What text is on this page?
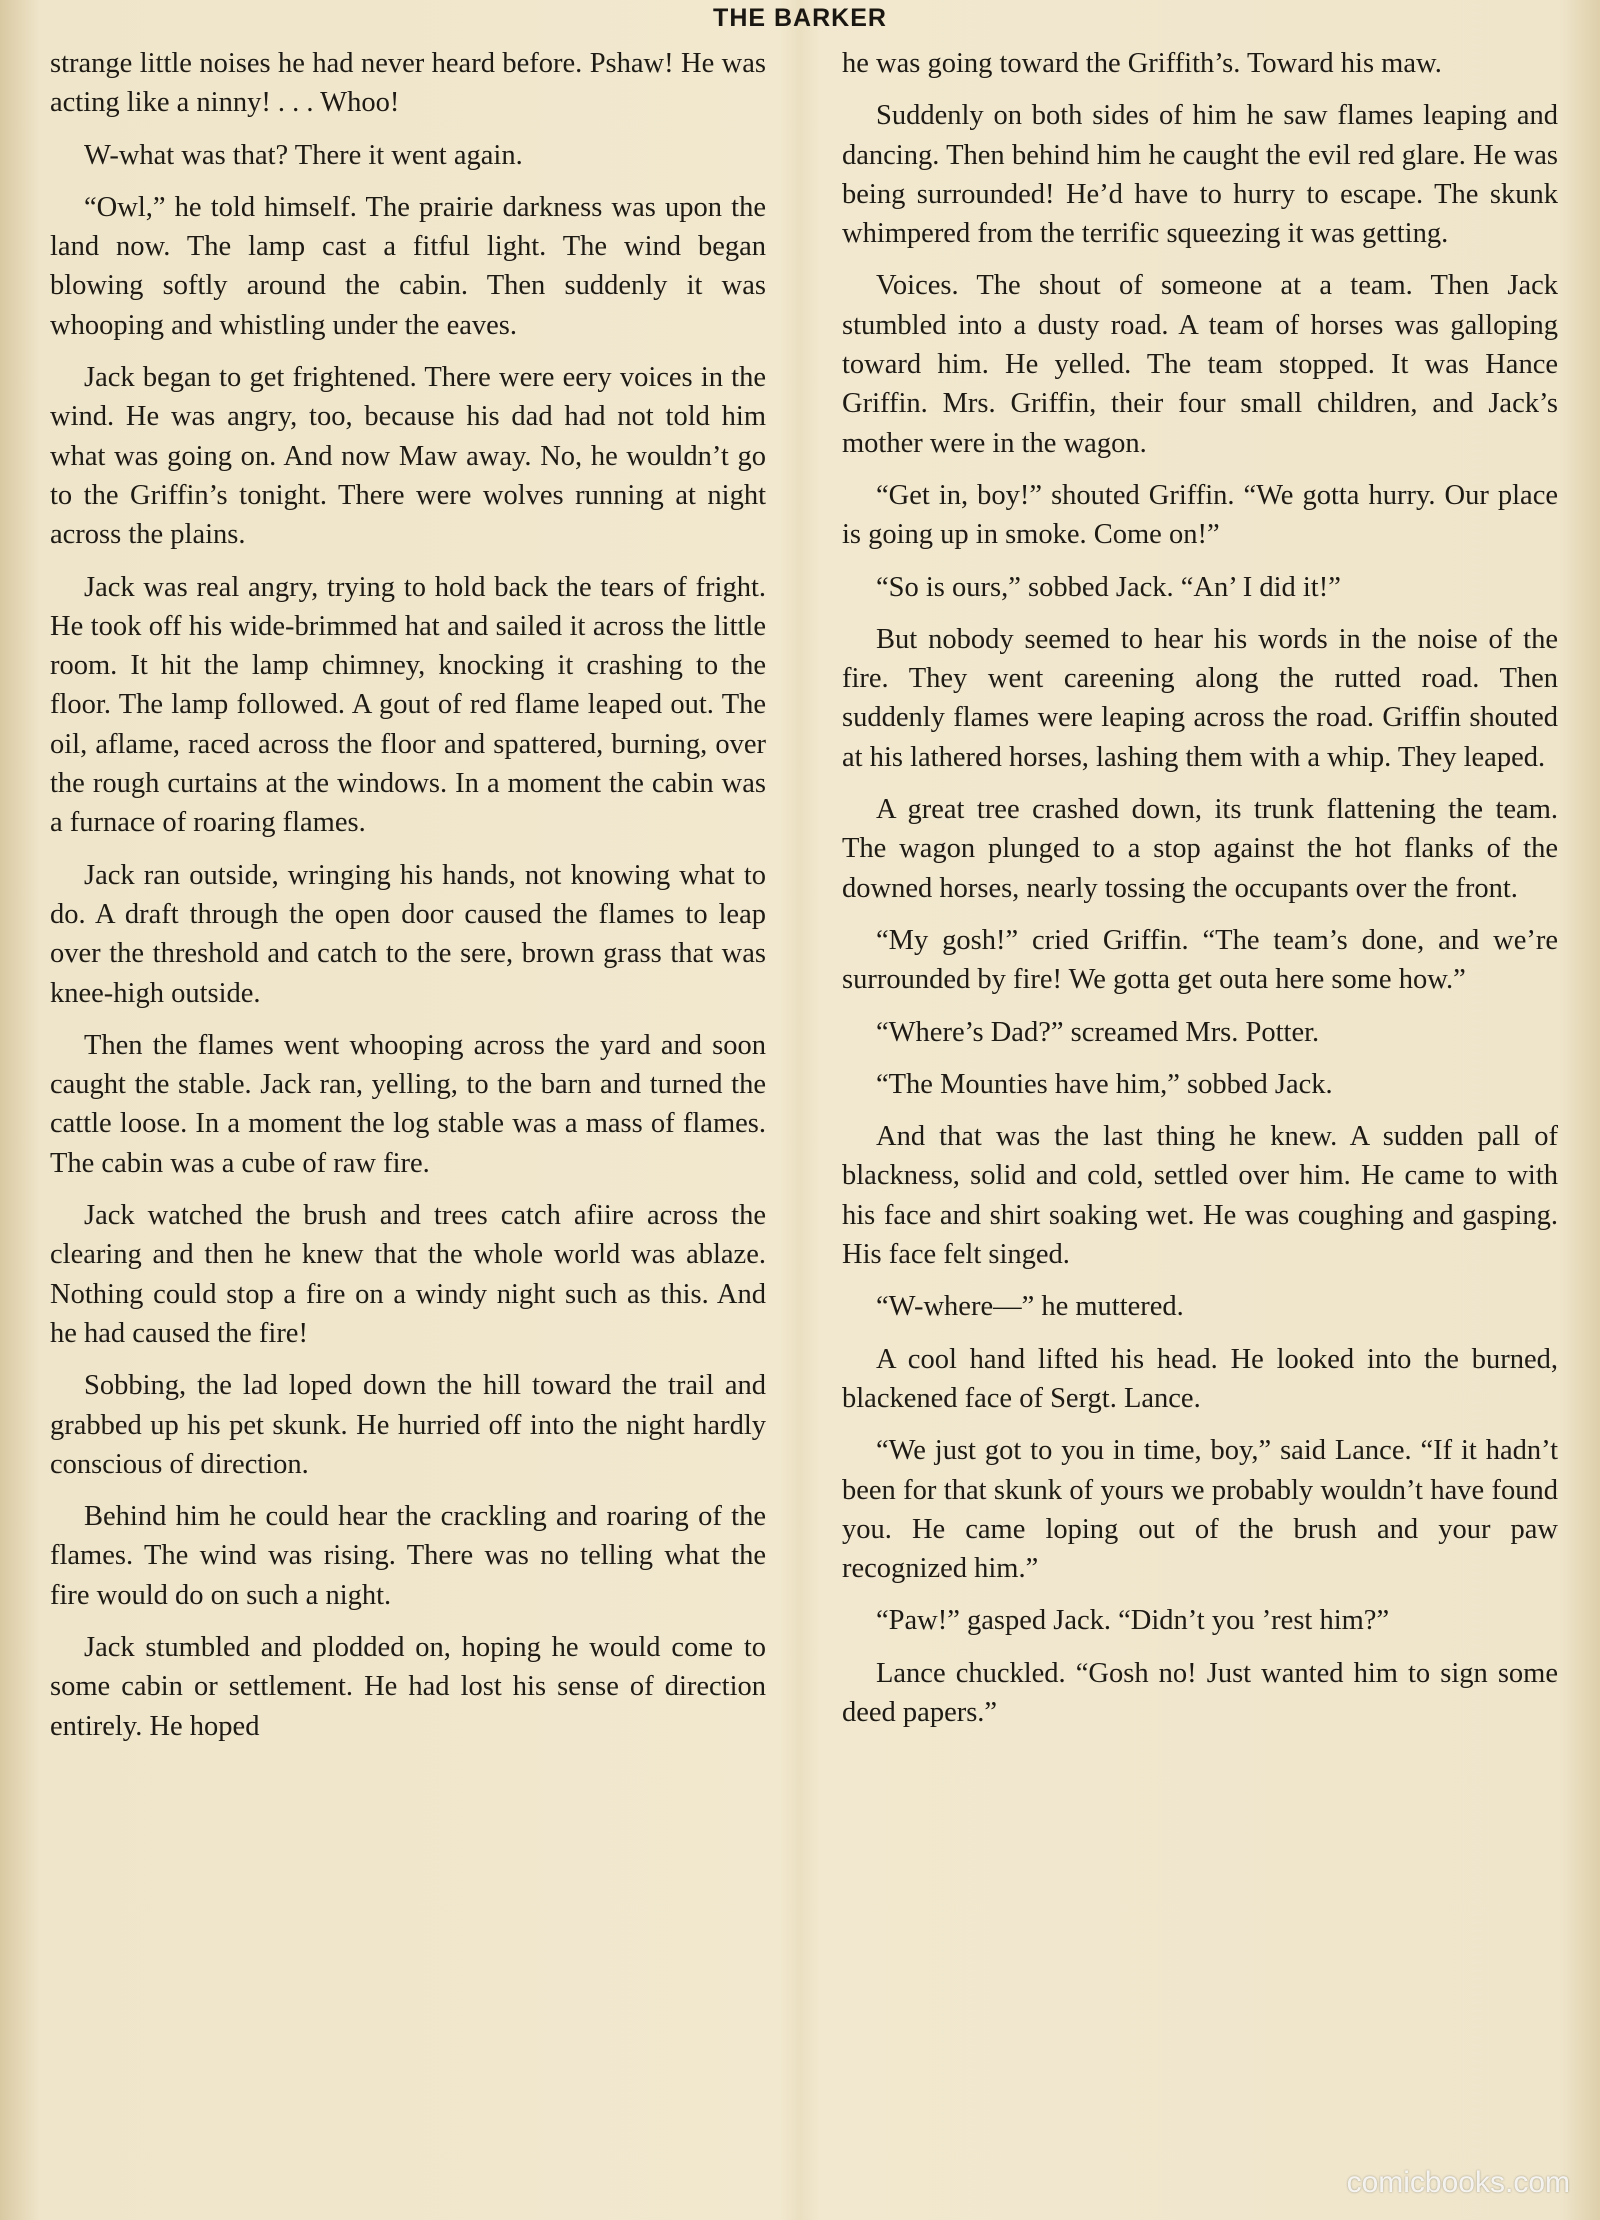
THE BARKER

strange little noises he had never heard before. Pshaw! He was acting like a ninny! . . . Whoo!

W-what was that? There it went again.

“Owl,” he told himself. The prairie darkness was upon the land now. The lamp cast a fitful light. The wind began blowing softly around the cabin. Then suddenly it was whooping and whistling under the eaves.

Jack began to get frightened. There were eery voices in the wind. He was angry, too, because his dad had not told him what was going on. And now Maw away. No, he wouldn’t go to the Griffin’s tonight. There were wolves running at night across the plains.

Jack was real angry, trying to hold back the tears of fright. He took off his wide-brimmed hat and sailed it across the little room. It hit the lamp chimney, knocking it crashing to the floor. The lamp followed. A gout of red flame leaped out. The oil, aflame, raced across the floor and spattered, burning, over the rough curtains at the windows. In a moment the cabin was a furnace of roaring flames.

Jack ran outside, wringing his hands, not knowing what to do. A draft through the open door caused the flames to leap over the threshold and catch to the sere, brown grass that was knee-high outside.

Then the flames went whooping across the yard and soon caught the stable. Jack ran, yelling, to the barn and turned the cattle loose. In a moment the log stable was a mass of flames. The cabin was a cube of raw fire.

Jack watched the brush and trees catch afiire across the clearing and then he knew that the whole world was ablaze. Nothing could stop a fire on a windy night such as this. And he had caused the fire!

Sobbing, the lad loped down the hill toward the trail and grabbed up his pet skunk. He hurried off into the night hardly conscious of direction.

Behind him he could hear the crackling and roaring of the flames. The wind was rising. There was no telling what the fire would do on such a night.

Jack stumbled and plodded on, hoping he would come to some cabin or settlement. He had lost his sense of direction entirely. He hoped

he was going toward the Griffith’s. Toward his maw.

Suddenly on both sides of him he saw flames leaping and dancing. Then behind him he caught the evil red glare. He was being surrounded! He’d have to hurry to escape. The skunk whimpered from the terrific squeezing it was getting.

Voices. The shout of someone at a team. Then Jack stumbled into a dusty road. A team of horses was galloping toward him. He yelled. The team stopped. It was Hance Griffin. Mrs. Griffin, their four small children, and Jack’s mother were in the wagon.

“Get in, boy!” shouted Griffin. “We gotta hurry. Our place is going up in smoke. Come on!”

“So is ours,” sobbed Jack. “An’ I did it!”

But nobody seemed to hear his words in the noise of the fire. They went careening along the rutted road. Then suddenly flames were leaping across the road. Griffin shouted at his lathered horses, lashing them with a whip. They leaped.

A great tree crashed down, its trunk flattening the team. The wagon plunged to a stop against the hot flanks of the downed horses, nearly tossing the occupants over the front.

“My gosh!” cried Griffin. “The team’s done, and we’re surrounded by fire! We gotta get outa here some how.”

“Where’s Dad?” screamed Mrs. Potter.

“The Mounties have him,” sobbed Jack.

And that was the last thing he knew. A sudden pall of blackness, solid and cold, settled over him. He came to with his face and shirt soaking wet. He was coughing and gasping. His face felt singed.

“W-where—” he muttered.

A cool hand lifted his head. He looked into the burned, blackened face of Sergt. Lance.

“We just got to you in time, boy,” said Lance. “If it hadn’t been for that skunk of yours we probably wouldn’t have found you. He came loping out of the brush and your paw recognized him.”

“Paw!” gasped Jack. “Didn’t you ’rest him?”

Lance chuckled. “Gosh no! Just wanted him to sign some deed papers.”

comicbooks.com
